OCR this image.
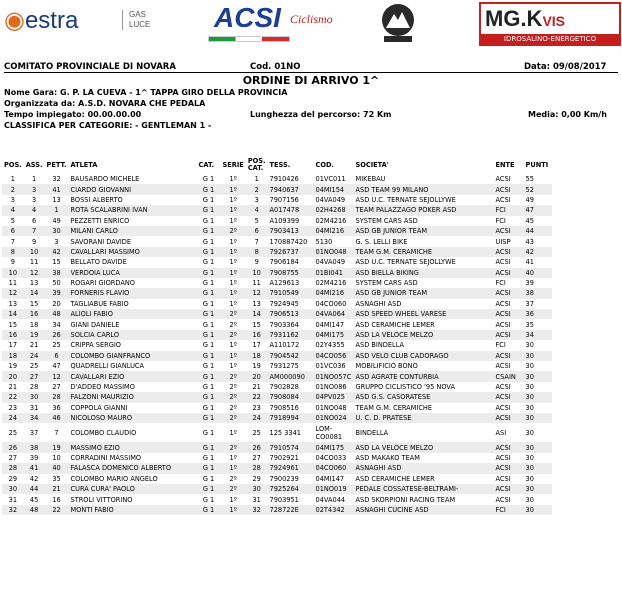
◉estra	GAS
LUCE ACSI Ciclismo	MG.KVIS
IDROSALINO-ENERGETICO
COMITATO PROVINCIALE DI NOVARA	Cod. 01NO	Data: 09/08/2017
ORDINE DI ARRIVO 1^
Nome Gara: G. P. LA CUEVA - 1^ TAPPA GIRO DELLA PROVINCIA
Organizzata da: A.S.D. NOVARA CHE PEDALA
Tempo impiegato: 00.00.00.00	Lunghezza del percorso: 72 Km	Media: 0,00 Km/h
CLASSIFICA PER CATEGORIE: - GENTLEMAN 1 -
POS.	ASS.	PETT.	ATLETA	CAT.	SERIE	POS. CAT.	TESS.	COD.	SOCIETA'	ENTE	PUNTI
1	1	32	BAUSARDO MICHELE	G 1	1º	1	7910426	01VC011	MIKEBAU	ACSI	55
2	3	41	CIARDO GIOVANNI	G 1	1º	2	7940637	04MI154	ASD TEAM 99 MILANO	ACSI	52
3	3	13	BOSSI ALBERTO	G 1	1º	3	7907156	04VA049	ASD U.C. TERNATE SEJOLLYWE	ACSI	49
4	4	1	ROTA SCALABRINI IVAN	G 1	1º	4	A017478	02H4268	TEAM PALAZZAGO POKER ASD	FCI	47
5	6	49	PEZZETTI ENRICO	G 1	1º	5	A109399	02M4216	SYSTEM CARS ASD	FCI	45
6	7	30	MILANI CARLO	G 1	2º	6	7903413	04MI216	ASD GB JUNIOR TEAM	ACSI	44
7	9	3	SAVORANI DAVIDE	G 1	1º	7	170887420	5130	G. S. LELLI BIKE	UISP	43
8	10	42	CAVALLARI MASSIMO	G 1	1º	8	7926737	01NO048	TEAM G.M. CERAMICHE	ACSI	42
9	11	15	BELLATO DAVIDE	G 1	1º	9	7906184	04VA049	ASD U.C. TERNATE SEJOLLYWE	ACSI	41
10	12	38	VERDOIA LUCA	G 1	1º	10	7908755	01BI041	ASD BIELLA BIKING	ACSI	40
11	13	50	ROGARI GIORDANO	G 1	1º	11	A129613	02M4216	SYSTEM CARS ASD	FCI	39
12	14	39	FORNERIS FLAVIO	G 1	1º	12	7910549	04MI216	ASD GB JUNIOR TEAM	ACSI	38
13	15	20	TAGLIABUE FABIO	G 1	1º	13	7924945	04CO060	ASNAGHI ASD	ACSI	37
14	16	48	ALIOLI FABIO	G 1	2º	14	7906513	04VA064	ASD SPEED WHEEL VARESE	ACSI	36
15	18	34	GIANI DANIELE	G 1	2º	15	7903364	04MI147	ASD CERAMICHE LEMER	ACSI	35
16	19	26	SOLCIA CARLO	G 1	2º	16	7931162	04MI175	ASD LA VELOCE MELZO	ACSI	34
17	21	25	CRIPPA SERGIO	G 1	1º	17	A110172	02Y4355	ASD BINDELLA	FCI	30
18	24	6	COLOMBO GIANFRANCO	G 1	1º	18	7904542	04CO056	ASD VELO CLUB CADORAGO	ACSI	30
19	25	47	QUADRELLI GIANLUCA	G 1	1º	19	7931275	01VC036	MOBILIFICIO BONO	ACSI	30
20	27	12	CAVALLARI EZIO	G 1	2º	20	AM000090	01NO057C	ASD AGRATE CONTURBIA	CSAIN	30
21	28	27	D'ADDEO MASSIMO	G 1	2º	21	7902828	01NO086	GRUPPO CICLISTICO '95 NOVA	ACSI	30
22	30	28	FALZONI MAURIZIO	G 1	2º	22	7908084	04PV025	ASD G.S. CASORATESE	ACSI	30
23	31	36	COPPOLA GIANNI	G 1	2º	23	7908516	01NO048	TEAM G.M. CERAMICHE	ACSI	30
24	34	46	NICOLOSO MAURO	G 1	2º	24	7918994	01NO024	U. C. D. PRATESE	ACSI	30
25	37	7	COLOMBO CLAUDIO	G 1	1º	25	125 3341	LOM-CO0081	BINDELLA	ASI	30
26	38	19	MASSIMO EZIO	G 1	2º	26	7910574	04MI175	ASD LA VELOCE MELZO	ACSI	30
27	39	10	CORRADINI MASSIMO	G 1	1º	27	7902921	04CO033	ASD MAKAKO TEAM	ACSI	30
28	41	40	FALASCA DOMENICO ALBERTO	G 1	1º	28	7924961	04CO060	ASNAGHI ASD	ACSI	30
29	42	35	COLOMBO MARIO ANGELO	G 1	2º	29	7900239	04MI147	ASD CERAMICHE LEMER	ACSI	30
30	44	21	CURA CURA' PAOLO	G 1	2º	30	7925264	01NO019	PEDALE COSSATESE-BELTRAMI-	ACSI	30
31	45	16	STROLI VITTORINO	G 1	1º	31	7903951	04VA044	ASD SKORPIONI RACING TEAM	ACSI	30
32	48	22	MONTI FABIO	G 1	1º	32	728722E	02T4342	ASNAGHI CUCINE ASD	FCI	30
